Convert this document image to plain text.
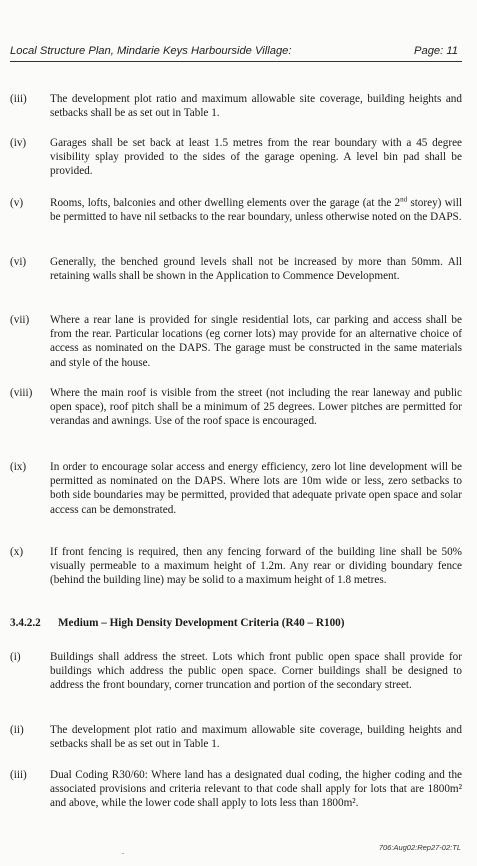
Local Structure Plan, Mindarie Keys Harbourside Village:	Page: 11
(iii) The development plot ratio and maximum allowable site coverage, building heights and setbacks shall be as set out in Table 1.
(iv) Garages shall be set back at least 1.5 metres from the rear boundary with a 45 degree visibility splay provided to the sides of the garage opening. A level bin pad shall be provided.
(v) Rooms, lofts, balconies and other dwelling elements over the garage (at the 2nd storey) will be permitted to have nil setbacks to the rear boundary, unless otherwise noted on the DAPS.
(vi) Generally, the benched ground levels shall not be increased by more than 50mm. All retaining walls shall be shown in the Application to Commence Development.
(vii) Where a rear lane is provided for single residential lots, car parking and access shall be from the rear. Particular locations (eg corner lots) may provide for an alternative choice of access as nominated on the DAPS. The garage must be constructed in the same materials and style of the house.
(viii) Where the main roof is visible from the street (not including the rear laneway and public open space), roof pitch shall be a minimum of 25 degrees. Lower pitches are permitted for verandas and awnings. Use of the roof space is encouraged.
(ix) In order to encourage solar access and energy efficiency, zero lot line development will be permitted as nominated on the DAPS. Where lots are 10m wide or less, zero setbacks to both side boundaries may be permitted, provided that adequate private open space and solar access can be demonstrated.
(x) If front fencing is required, then any fencing forward of the building line shall be 50% visually permeable to a maximum height of 1.2m. Any rear or dividing boundary fence (behind the building line) may be solid to a maximum height of 1.8 metres.
3.4.2.2 Medium – High Density Development Criteria (R40 – R100)
(i)	Buildings shall address the street. Lots which front public open space shall provide for buildings which address the public open space. Corner buildings shall be designed to address the front boundary, corner truncation and portion of the secondary street.
(ii) The development plot ratio and maximum allowable site coverage, building heights and setbacks shall be as set out in Table 1.
(iii) Dual Coding R30/60: Where land has a designated dual coding, the higher coding and the associated provisions and criteria relevant to that code shall apply for lots that are 1800m² and above, while the lower code shall apply to lots less than 1800m².
706:Aug02:Rep27-02:TL
ˇ
